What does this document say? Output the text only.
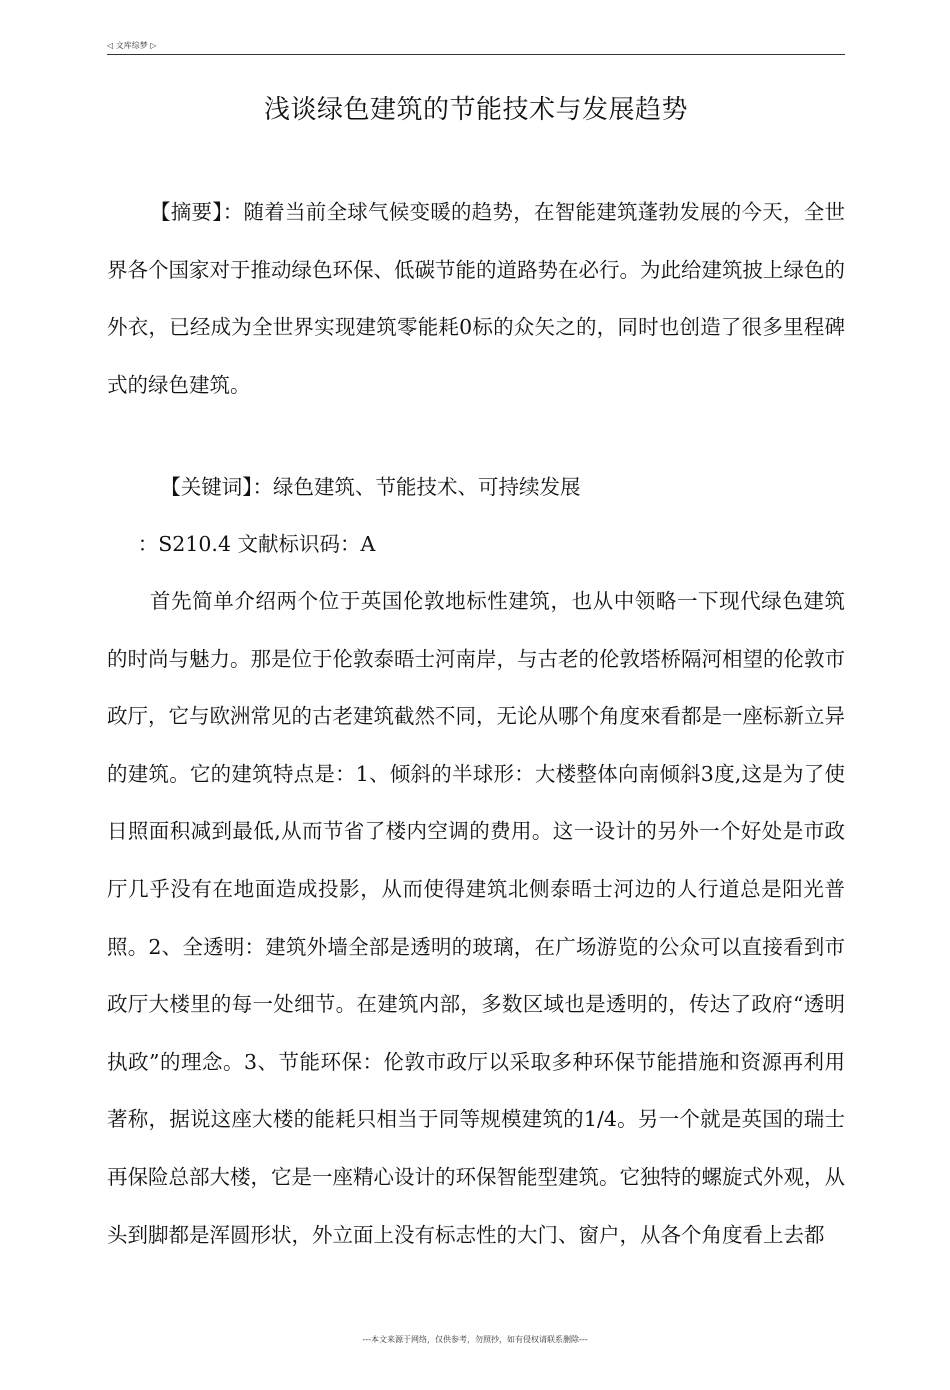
◁ 文库综梦 ▷
浅谈绿色建筑的节能技术与发展趋势

【摘要】：随着当前全球气候变暖的趋势，在智能建筑蓬勃发展的今天，全世界各个国家对于推动绿色环保、低碳节能的道路势在必行。为此给建筑披上绿色的外衣，已经成为全世界实现建筑零能耗0标的众矢之的，同时也创造了很多里程碑式的绿色建筑。

【关键词】：绿色建筑、节能技术、可持续发展

：S210.4 文献标识码：A

首先简单介绍两个位于英国伦敦地标性建筑，也从中领略一下现代绿色建筑的时尚与魅力。那是位于伦敦泰晤士河南岸，与古老的伦敦塔桥隔河相望的伦敦市政厅，它与欧洲常见的古老建筑截然不同，无论从哪个角度來看都是一座标新立异的建筑。它的建筑特点是：1、倾斜的半球形：大楼整体向南倾斜3度,这是为了使日照面积减到最低,从而节省了楼内空调的费用。这一设计的另外一个好处是市政厅几乎没有在地面造成投影，从而使得建筑北侧泰晤士河边的人行道总是阳光普照。2、全透明：建筑外墙全部是透明的玻璃，在广场游览的公众可以直接看到市政厅大楼里的每一处细节。在建筑内部，多数区域也是透明的，传达了政府“透明执政”的理念。3、节能环保：伦敦市政厅以采取多种环保节能措施和资源再利用著称，据说这座大楼的能耗只相当于同等规模建筑的1/4。另一个就是英国的瑞士再保险总部大楼，它是一座精心设计的环保智能型建筑。它独特的螺旋式外观，从头到脚都是浑圆形状，外立面上没有标志性的大门、窗户，从各个角度看上去都

---本文来源于网络，仅供参考，勿照抄，如有侵权请联系删除---
